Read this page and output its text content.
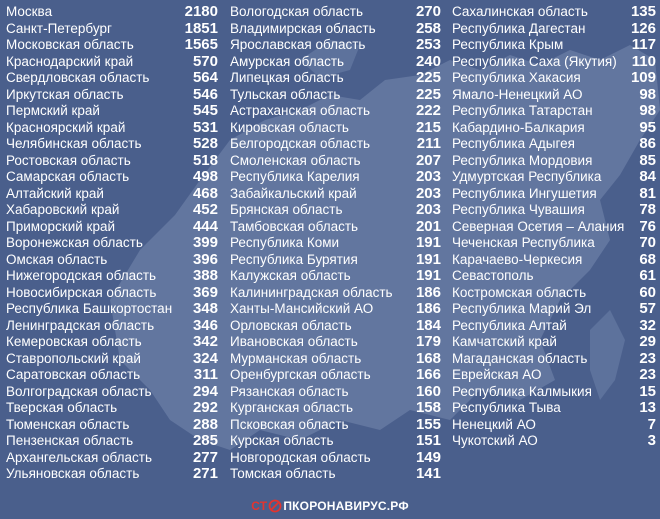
Москва	2180
Санкт-Петербург	1851
Московская область	1565
Краснодарский край	570
Свердловская область	564
Иркутская область	546
Пермский край	545
Красноярский край	531
Челябинская область	528
Ростовская область	518
Самарская область	498
Алтайский край	468
Хабаровский край	452
Приморский край	444
Воронежская область	399
Омская область	396
Нижегородская область 388
Новосибирская область 369
Республика Башкортостан 348
Ленинградская область	346
Кемеровская область	342
Ставропольский край	324
Саратовская область	311
Волгоградская область	294
Тверская область	292
Тюменская область	288
Пензенская область	285
Архангельская область	277
Ульяновская область	271
Вологодская область	270
Владимирская область	258
Ярославская область	253
Амурская область	240
Липецкая область	225
Тульская область	225
Астраханская область	222
Кировская область	215
Белгородская область	211
Смоленская область	207
Республика Карелия	203
Забайкальский край	203
Брянская область	203
Тамбовская область	201
Республика Коми	191
Республика Бурятия	191
Калужская область	191
Калининградская область 186
Ханты-Мансийский АО	186
Орловская область	184
Ивановская область	179
Мурманская область	168
Оренбургская область	166
Рязанская область	160
Курганская область	158
Псковская область	155
Курская область	151
Новгородская область	149
Томская область	141
Сахалинская область	135
Республика Дагестан	126
Республика Крым	117
Республика Саха (Якутия) 110
Республика Хакасия	109
Ямало-Ненецкий АО	98
Республика Татарстан	98
Кабардино-Балкария	95
Республика Адыгея	86
Республика Мордовия	85
Удмуртская Республика	84
Республика Ингушетия	81
Республика Чувашия	78
Северная Осетия – Алания 76
Чеченская Республика	70
Карачаево-Черкесия	68
Севастополь	61
Костромская область	60
Республика Марий Эл	57
Республика Алтай	32
Камчатский край	29
Магаданская область	23
Еврейская АО	23
Республика Калмыкия	15
Республика Тыва	13
Ненецкий АО	7
Чукотский АО	3
СТ ПКОРОНАВИРУС.РФ
